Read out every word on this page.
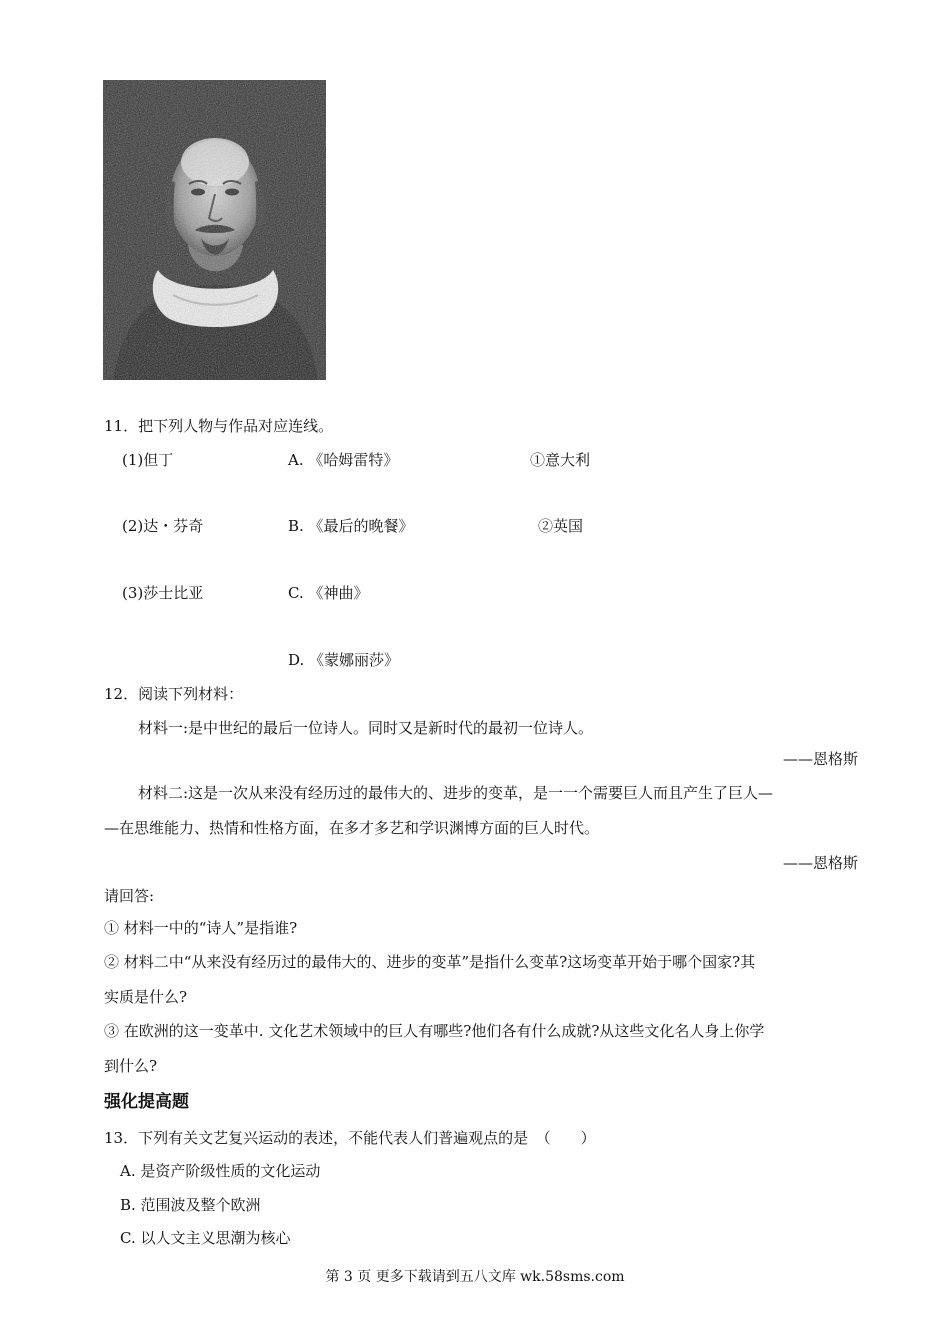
11．把下列人物与作品对应连线。
(1)但丁	A. 《哈姆雷特》	①意大利
(2)达・芬奇	B. 《最后的晚餐》	②英国
(3)莎士比亚	C. 《神曲》
D. 《蒙娜丽莎》
12．阅读下列材料：
材料一:是中世纪的最后一位诗人。同时又是新时代的最初一位诗人。
——恩格斯
材料二:这是一次从来没有经历过的最伟大的、进步的变革，是一一个需要巨人而且产生了巨人—
—在思维能力、热情和性格方面，在多才多艺和学识渊博方面的巨人时代。
——恩格斯
请回答:
① 材料一中的“诗人”是指谁?
② 材料二中“从来没有经历过的最伟大的、进步的变革”是指什么变革?这场变革开始于哪个国家?其
实质是什么?
③ 在欧洲的这一变革中. 文化艺术领域中的巨人有哪些?他们各有什么成就?从这些文化名人身上你学
到什么?
强化提高题
13．下列有关文艺复兴运动的表述，不能代表人们普遍观点的是　（　　）
A. 是资产阶级性质的文化运动
B. 范围波及整个欧洲
C. 以人文主义思潮为核心
第 3 页 更多下载请到五八文库 wk.58sms.com
